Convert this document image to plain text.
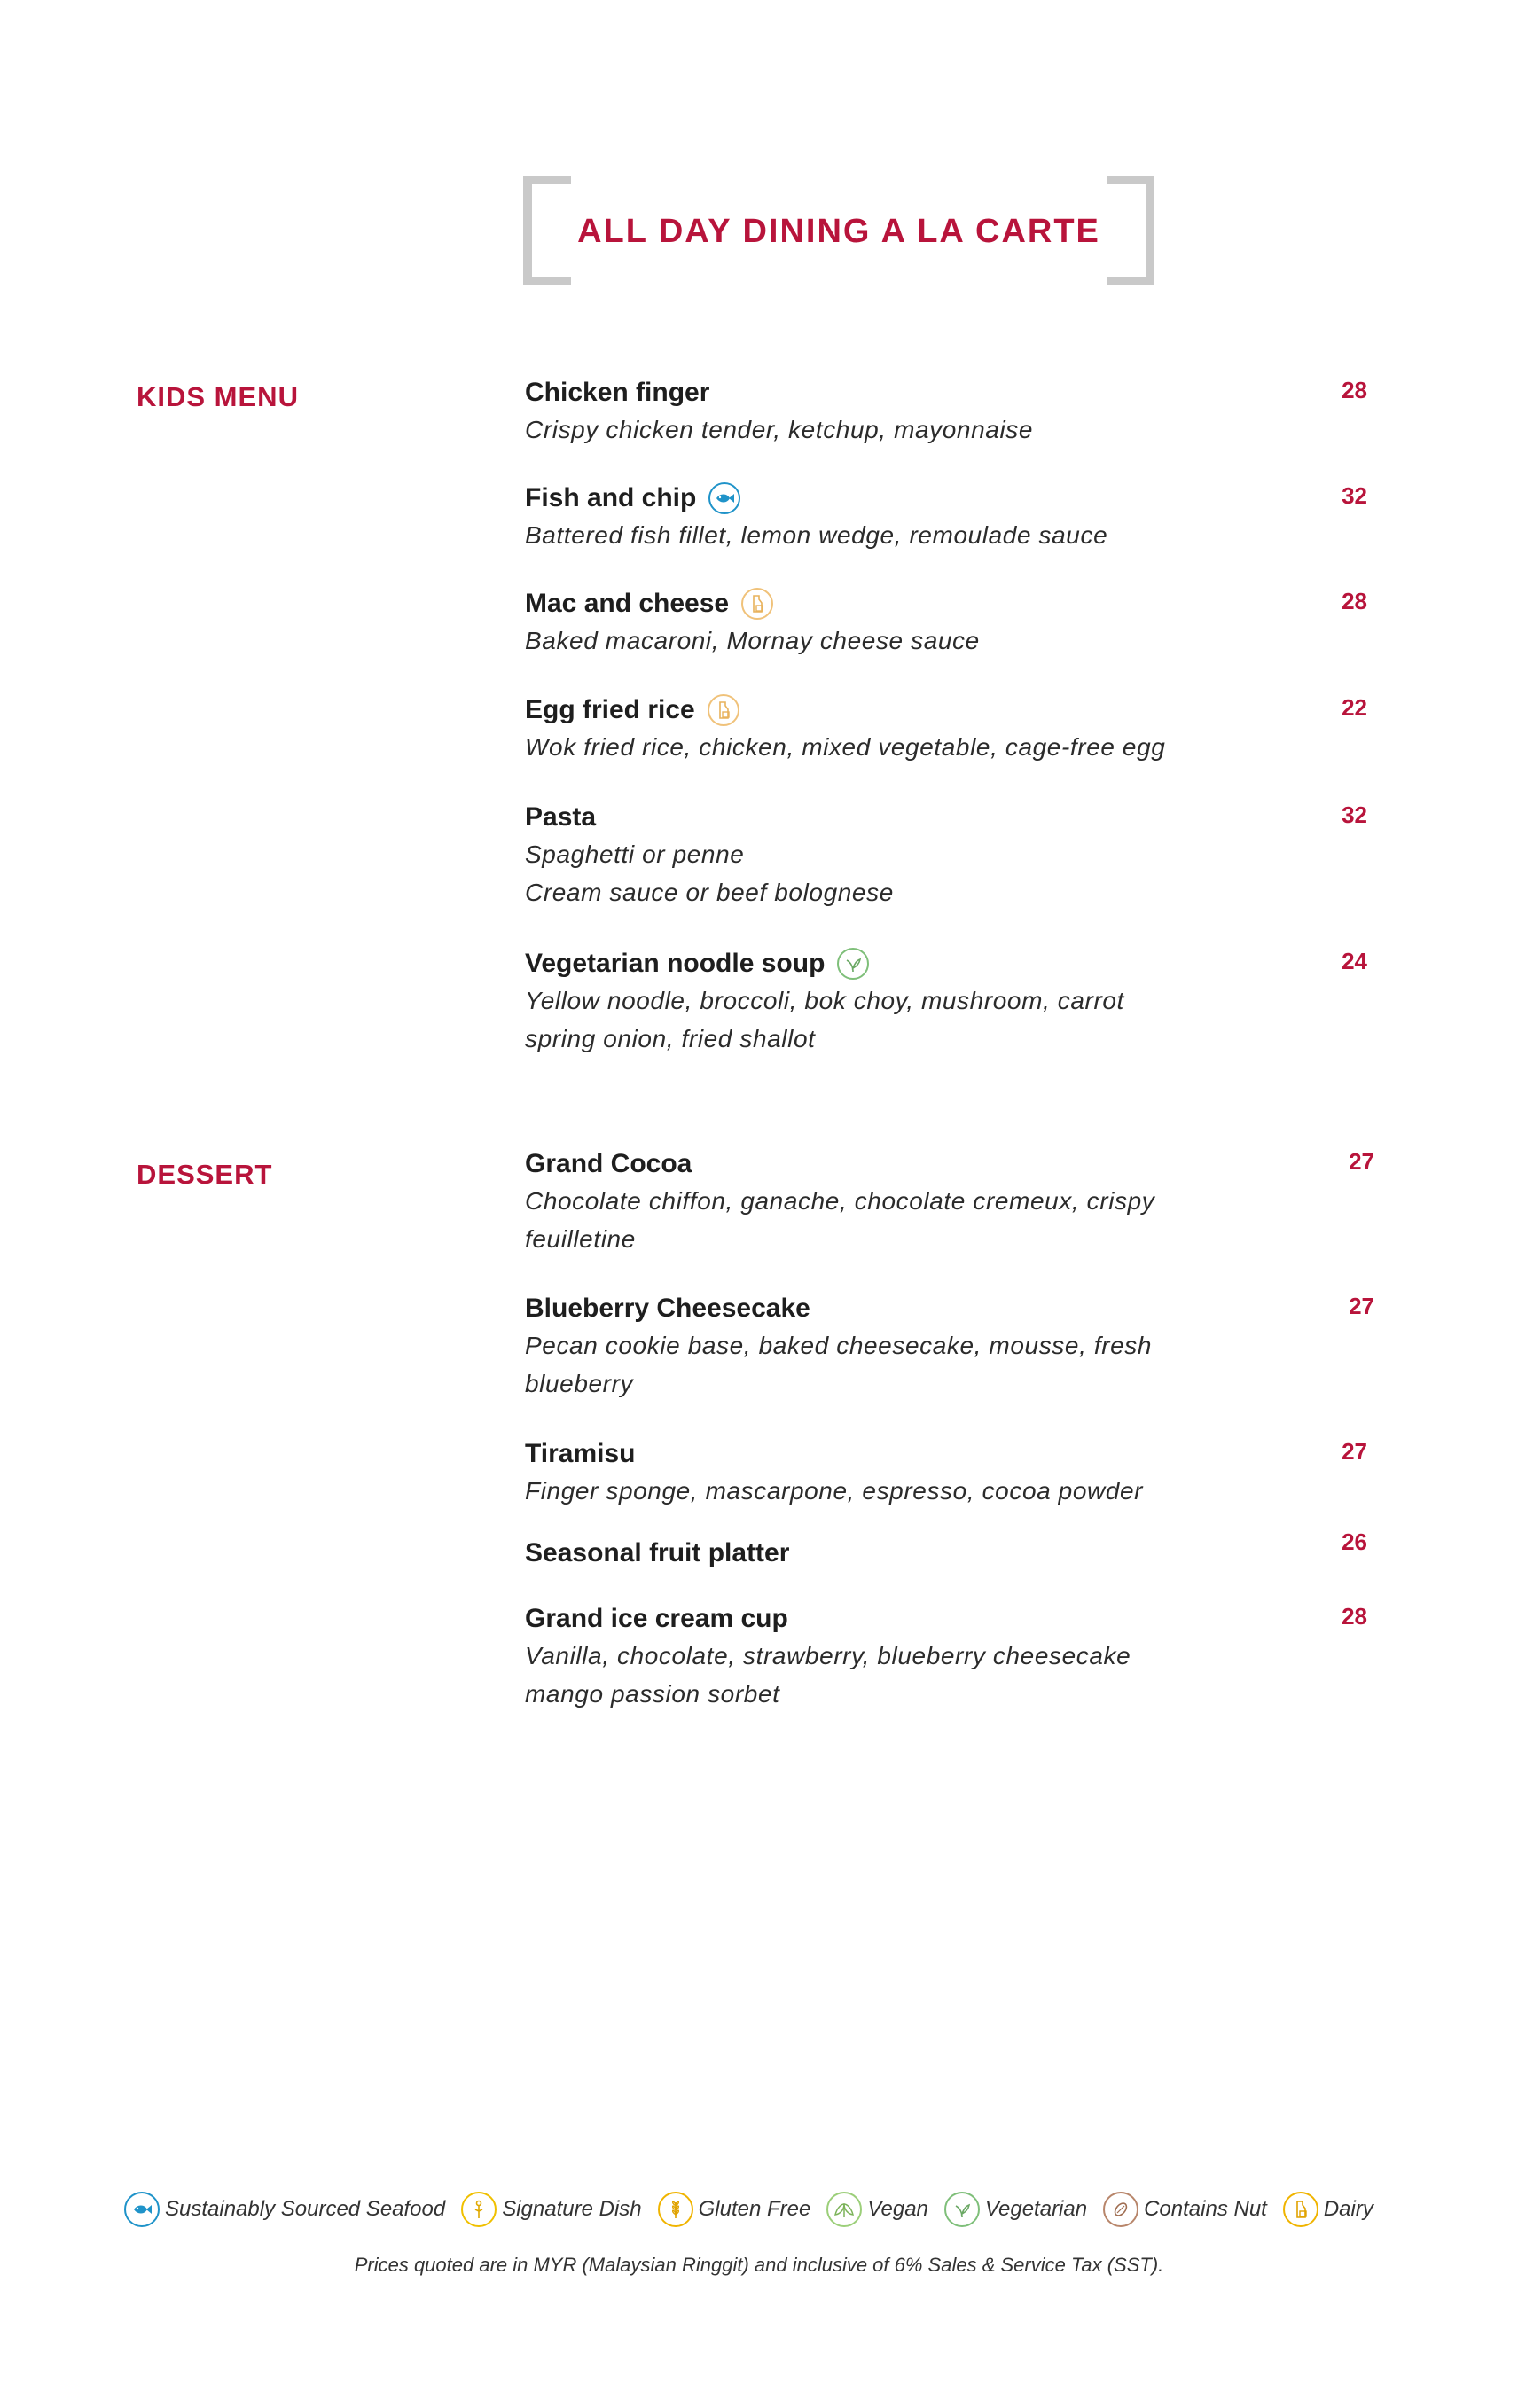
ALL DAY DINING A LA CARTE
KIDS MENU	Chicken finger
Crispy chicken tender, ketchup, mayonnaise
28
Fish and chip
Battered fish fillet, lemon wedge, remoulade sauce
32
Mac and cheese
Baked macaroni, Mornay cheese sauce
28
Egg fried rice
Wok fried rice, chicken, mixed vegetable, cage-free egg
22
Pasta
Spaghetti or penne
Cream sauce or beef bolognese
32
Vegetarian noodle soup
Yellow noodle, broccoli, bok choy, mushroom, carrot
spring onion, fried shallot
24
DESSERT	Grand Cocoa
Chocolate chiffon, ganache, chocolate cremeux, crispy
feuilletine
27
Blueberry Cheesecake
Pecan cookie base, baked cheesecake, mousse, fresh
blueberry
27
Tiramisu
Finger sponge, mascarpone, espresso, cocoa powder
27
Seasonal fruit platter	26
Grand ice cream cup
Vanilla, chocolate, strawberry, blueberry cheesecake
mango passion sorbet
28
Sustainably Sourced Seafood	Signature Dish	Gluten Free	Vegan	Vegetarian	Contains Nut	Dairy
Prices quoted are in MYR (Malaysian Ringgit) and inclusive of 6% Sales & Service Tax (SST).
